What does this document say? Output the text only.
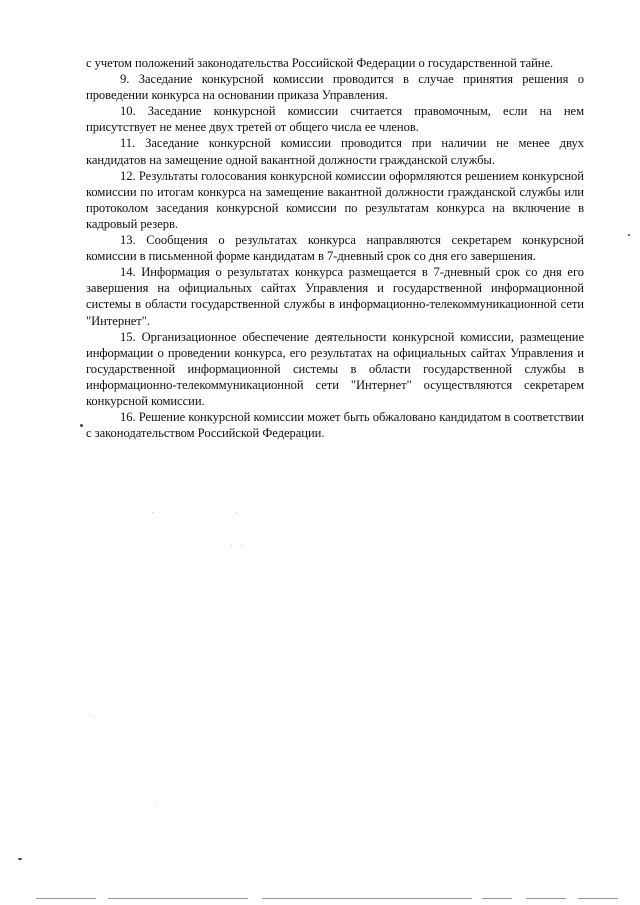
с учетом положений законодательства Российской Федерации о государственной тайне.

9. Заседание конкурсной комиссии проводится в случае принятия решения о проведении конкурса на основании приказа Управления.

10. Заседание конкурсной комиссии считается правомочным, если на нем присутствует не менее двух третей от общего числа ее членов.

11. Заседание конкурсной комиссии проводится при наличии не менее двух кандидатов на замещение одной вакантной должности гражданской службы.

12. Результаты голосования конкурсной комиссии оформляются решением конкурсной комиссии по итогам конкурса на замещение вакантной должности гражданской службы или протоколом заседания конкурсной комиссии по результатам конкурса на включение в кадровый резерв.

13. Сообщения о результатах конкурса направляются секретарем конкурсной комиссии в письменной форме кандидатам в 7-дневный срок со дня его завершения.

14. Информация о результатах конкурса размещается в 7-дневный срок со дня его завершения на официальных сайтах Управления и государственной информационной системы в области государственной службы в информационно-телекоммуникационной сети "Интернет".

15. Организационное обеспечение деятельности конкурсной комиссии, размещение информации о проведении конкурса, его результатах на официальных сайтах Управления и государственной информационной системы в области государственной службы в информационно-телекоммуникационной сети "Интернет" осуществляются секретарем конкурсной комиссии.

16. Решение конкурсной комиссии может быть обжаловано кандидатом в соответствии с законодательством Российской Федерации.
